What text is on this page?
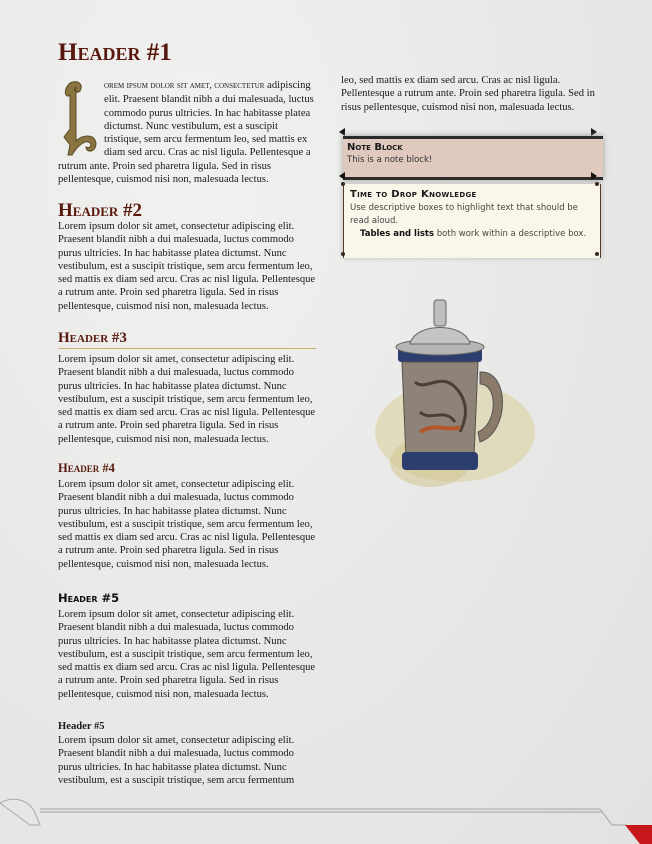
Header #1

orem ipsum dolor sit amet, consectetur adipiscing elit. Praesent blandit nibh a dui malesuada, luctus commodo purus ultricies. In hac habitasse platea dictumst. Nunc vestibulum, est a suscipit tristique, sem arcu fermentum leo, sed mattis ex diam sed arcu. Cras ac nisl ligula. Pellentesque a rutrum ante. Proin sed pharetra ligula. Sed in risus pellentesque, cuismod nisi non, malesuada lectus.

Header #2

Lorem ipsum dolor sit amet, consectetur adipiscing elit. Praesent blandit nibh a dui malesuada, luctus commodo purus ultricies. In hac habitasse platea dictumst. Nunc vestibulum, est a suscipit tristique, sem arcu fermentum leo, sed mattis ex diam sed arcu. Cras ac nisl ligula. Pellentesque a rutrum ante. Proin sed pharetra ligula. Sed in risus pellentesque, cuismod nisi non, malesuada lectus.

Header #3

Lorem ipsum dolor sit amet, consectetur adipiscing elit. Praesent blandit nibh a dui malesuada, luctus commodo purus ultricies. In hac habitasse platea dictumst. Nunc vestibulum, est a suscipit tristique, sem arcu fermentum leo, sed mattis ex diam sed arcu. Cras ac nisl ligula. Pellentesque a rutrum ante. Proin sed pharetra ligula. Sed in risus pellentesque, cuismod nisi non, malesuada lectus.

Header #4

Lorem ipsum dolor sit amet, consectetur adipiscing elit. Praesent blandit nibh a dui malesuada, luctus commodo purus ultricies. In hac habitasse platea dictumst. Nunc vestibulum, est a suscipit tristique, sem arcu fermentum leo, sed mattis ex diam sed arcu. Cras ac nisl ligula. Pellentesque a rutrum ante. Proin sed pharetra ligula. Sed in risus pellentesque, cuismod nisi non, malesuada lectus.

Header #5

Lorem ipsum dolor sit amet, consectetur adipiscing elit. Praesent blandit nibh a dui malesuada, luctus commodo purus ultricies. In hac habitasse platea dictumst. Nunc vestibulum, est a suscipit tristique, sem arcu fermentum leo, sed mattis ex diam sed arcu. Cras ac nisl ligula. Pellentesque a rutrum ante. Proin sed pharetra ligula. Sed in risus pellentesque, cuismod nisi non, malesuada lectus.

Header #5

Lorem ipsum dolor sit amet, consectetur adipiscing elit. Praesent blandit nibh a dui malesuada, luctus commodo purus ultricies. In hac habitasse platea dictumst. Nunc vestibulum, est a suscipit tristique, sem arcu fermentum

leo, sed mattis ex diam sed arcu. Cras ac nisl ligula. Pellentesque a rutrum ante. Proin sed pharetra ligula. Sed in risus pellentesque, cuismod nisi non, malesuada lectus.

Note Block
This is a note block!
Time to Drop Knowledge
Use descriptive boxes to highlight text that should be read aloud.
Tables and lists both work within a descriptive box.
